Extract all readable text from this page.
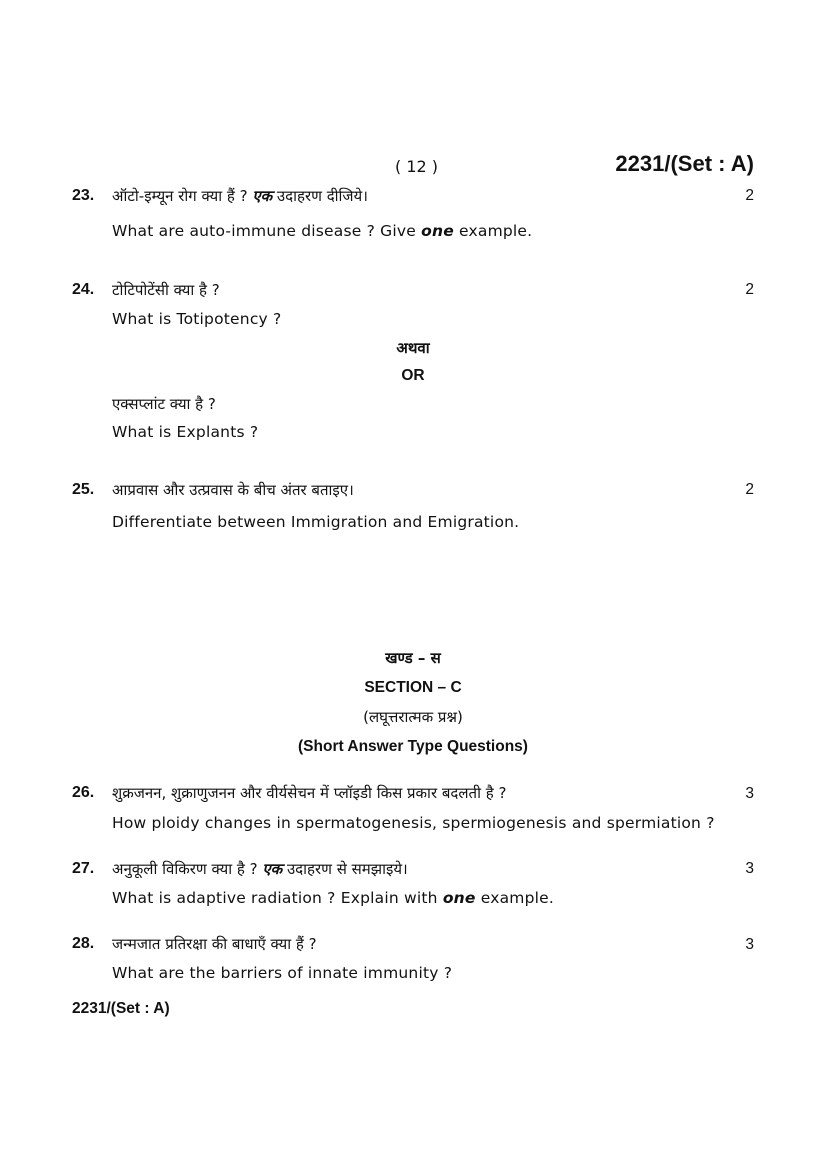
( 12 )	2231/(Set : A)
23. ऑटो-इम्यून रोग क्या हैं ? एक उदाहरण दीजिये।	2
What are auto-immune disease ? Give one example.
24. टोटिपोटेंसी क्या है ?	2
What is Totipotency ?
अथवा
OR
एक्सप्लांट क्या है ?
What is Explants ?
25. आप्रवास और उत्प्रवास के बीच अंतर बताइए।	2
Differentiate between Immigration and Emigration.
खण्ड – स
SECTION – C
(लघूत्तरात्मक प्रश्न)
(Short Answer Type Questions)
26. शुक्रजनन, शुक्राणुजनन और वीर्यसेचन में प्लॉइडी किस प्रकार बदलती है ?	3
How ploidy changes in spermatogenesis, spermiogenesis and spermiation ?
27. अनुकूली विकिरण क्या है ? एक उदाहरण से समझाइये।	3
What is adaptive radiation ? Explain with one example.
28. जन्मजात प्रतिरक्षा की बाधाएँ क्या हैं ?	3
What are the barriers of innate immunity ?
2231/(Set : A)
